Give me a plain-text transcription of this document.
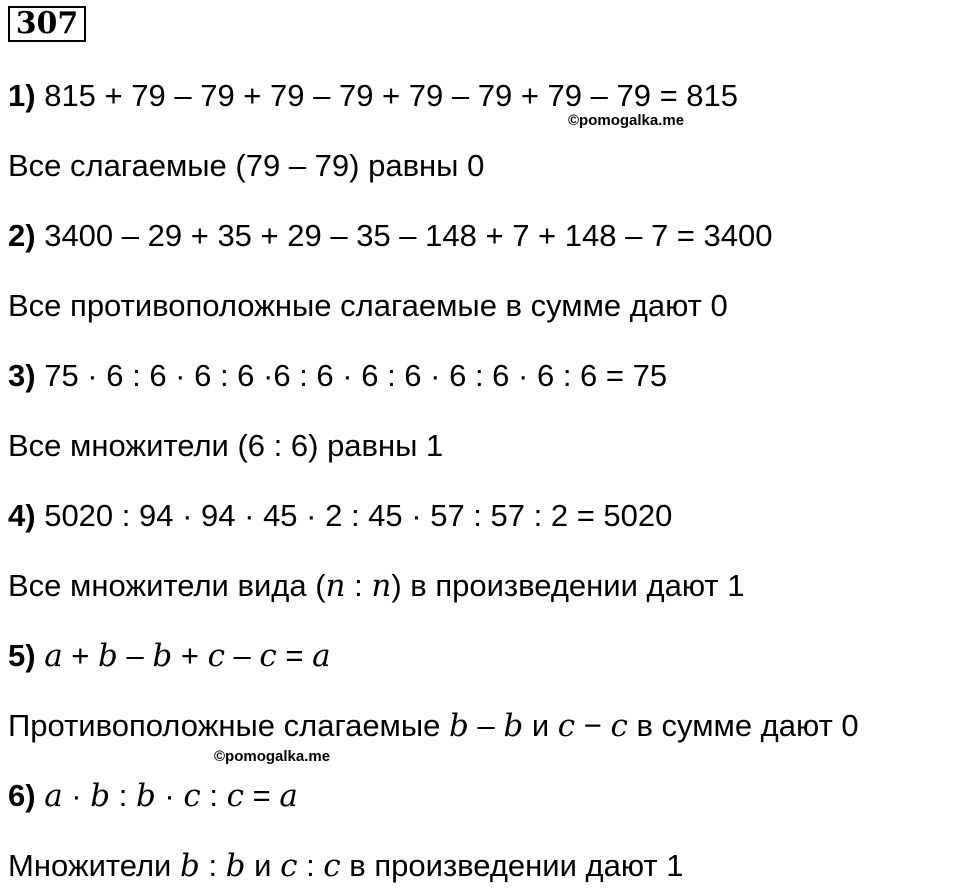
307
1) 815 + 79 – 79 + 79 – 79 + 79 – 79 + 79 – 79 = 815
©pomogalka.me
Все слагаемые (79 – 79) равны 0
2) 3400 – 29 + 35 + 29 – 35 – 148 + 7 + 148 – 7 = 3400
Все противоположные слагаемые в сумме дают 0
3) 75 · 6 : 6 · 6 : 6 ·6 : 6 · 6 : 6 · 6 : 6 · 6 : 6 = 75
Все множители (6 : 6) равны 1
4) 5020 : 94 · 94 · 45 · 2 : 45 · 57 : 57 : 2 = 5020
Все множители вида (n : n) в произведении дают 1
5) a + b – b + c – c = a
Противоположные слагаемые b – b и c − c в сумме дают 0
©pomogalka.me
6) a · b : b · c : c = a
Множители b : b и c : c в произведении дают 1
